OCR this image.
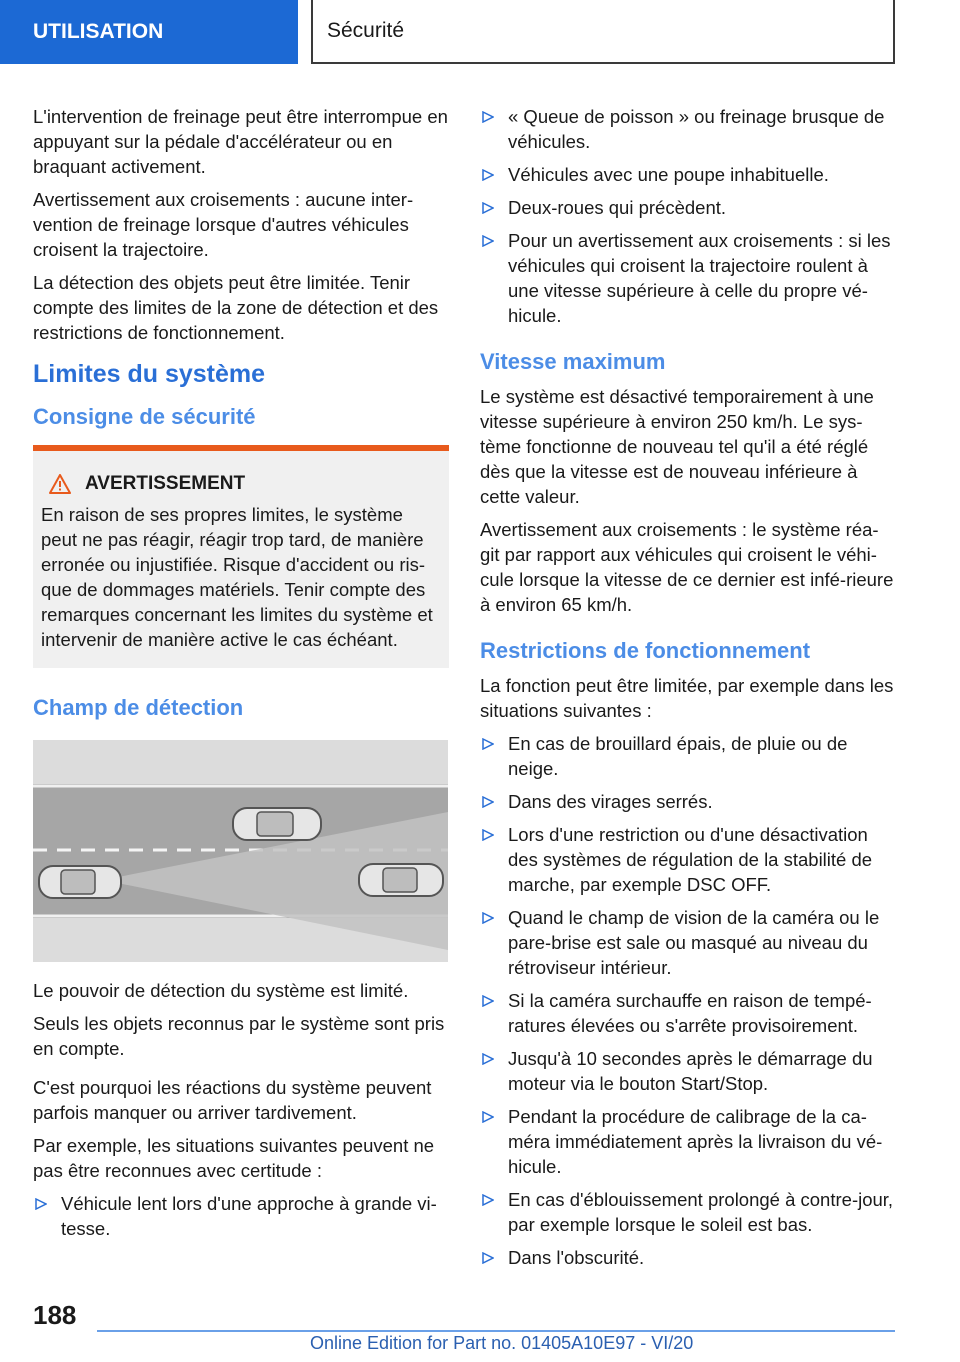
UTILISATION	Sécurité

L'intervention de freinage peut être interrompue en appuyant sur la pédale d'accélérateur ou en braquant activement.

Avertissement aux croisements : aucune inter‐vention de freinage lorsque d'autres véhicules croisent la trajectoire.

La détection des objets peut être limitée. Tenir compte des limites de la zone de détection et des restrictions de fonctionnement.

Limites du système
Consigne de sécurité
AVERTISSEMENT

En raison de ses propres limites, le système peut ne pas réagir, réagir trop tard, de manière erronée ou injustifiée. Risque d'accident ou ris‐que de dommages matériels. Tenir compte des remarques concernant les limites du système et intervenir de manière active le cas échéant.

Champ de détection

Le pouvoir de détection du système est limité.

Seuls les objets reconnus par le système sont pris en compte.

C'est pourquoi les réactions du système peuvent parfois manquer ou arriver tardivement.

Par exemple, les situations suivantes peuvent ne pas être reconnues avec certitude :

Véhicule lent lors d'une approche à grande vi‐tesse.
« Queue de poisson » ou freinage brusque de véhicules.
Véhicules avec une poupe inhabituelle.
Deux-roues qui précèdent.
Pour un avertissement aux croisements : si les véhicules qui croisent la trajectoire roulent à une vitesse supérieure à celle du propre vé‐hicule.
Vitesse maximum

Le système est désactivé temporairement à une vitesse supérieure à environ 250 km/h. Le sys‐tème fonctionne de nouveau tel qu'il a été réglé dès que la vitesse est de nouveau inférieure à cette valeur.

Avertissement aux croisements : le système réa‐git par rapport aux véhicules qui croisent le véhi‐cule lorsque la vitesse de ce dernier est infé‐rieure à environ 65 km/h.

Restrictions de fonctionnement

La fonction peut être limitée, par exemple dans les situations suivantes :

En cas de brouillard épais, de pluie ou de neige.
Dans des virages serrés.
Lors d'une restriction ou d'une désactivation des systèmes de régulation de la stabilité de marche, par exemple DSC OFF.
Quand le champ de vision de la caméra ou le pare-brise est sale ou masqué au niveau du rétroviseur intérieur.
Si la caméra surchauffe en raison de tempé‐ratures élevées ou s'arrête provisoirement.
Jusqu'à 10 secondes après le démarrage du moteur via le bouton Start/Stop.
Pendant la procédure de calibrage de la ca‐méra immédiatement après la livraison du vé‐hicule.
En cas d'éblouissement prolongé à contre-jour, par exemple lorsque le soleil est bas.
Dans l'obscurité.
188
Online Edition for Part no. 01405A10E97 - VI/20
